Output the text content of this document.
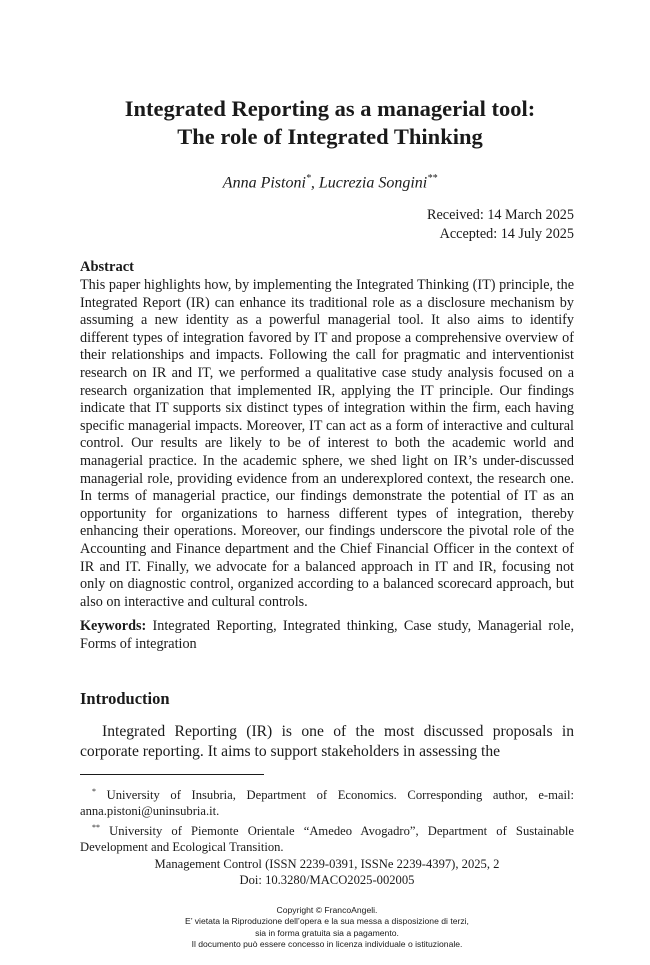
Integrated Reporting as a managerial tool:
The role of Integrated Thinking
Anna Pistoni*, Lucrezia Songini**
Received: 14 March 2025
Accepted: 14 July 2025
Abstract
This paper highlights how, by implementing the Integrated Thinking (IT) principle, the Integrated Report (IR) can enhance its traditional role as a disclosure mechanism by assuming a new identity as a powerful managerial tool. It also aims to identify different types of integration favored by IT and propose a comprehensive overview of their relationships and impacts. Following the call for pragmatic and interventionist research on IR and IT, we performed a qualitative case study analysis focused on a research organization that implemented IR, applying the IT principle. Our findings indicate that IT supports six distinct types of integration within the firm, each having specific managerial impacts. Moreover, IT can act as a form of interactive and cultural control. Our results are likely to be of interest to both the academic world and managerial practice. In the academic sphere, we shed light on IR’s under-discussed managerial role, providing evidence from an underexplored context, the research one. In terms of managerial practice, our findings demonstrate the potential of IT as an opportunity for organizations to harness different types of integration, thereby enhancing their operations. Moreover, our findings underscore the pivotal role of the Accounting and Finance department and the Chief Financial Officer in the context of IR and IT. Finally, we advocate for a balanced approach in IT and IR, focusing not only on diagnostic control, organized according to a balanced scorecard approach, but also on interactive and cultural controls.
Keywords: Integrated Reporting, Integrated thinking, Case study, Managerial role, Forms of integration
Introduction
Integrated Reporting (IR) is one of the most discussed proposals in corporate reporting. It aims to support stakeholders in assessing the

* University of Insubria, Department of Economics. Corresponding author, e-mail: anna.pistoni@uninsubria.it.

** University of Piemonte Orientale “Amedeo Avogadro”, Department of Sustainable Development and Ecological Transition.

Management Control (ISSN 2239-0391, ISSNe 2239-4397), 2025, 2
Doi: 10.3280/MACO2025-002005
Copyright © FrancoAngeli.
E’ vietata la Riproduzione dell’opera e la sua messa a disposizione di terzi,
sia in forma gratuita sia a pagamento.
Il documento può essere concesso in licenza individuale o istituzionale.
